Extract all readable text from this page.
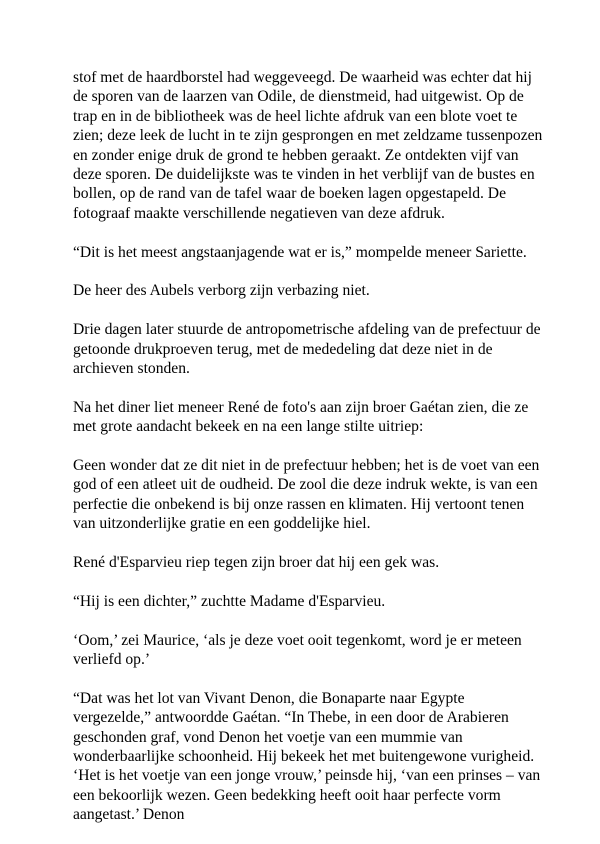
stof met de haardborstel had weggeveegd. De waarheid was echter dat hij de sporen van de laarzen van Odile, de dienstmeid, had uitgewist. Op de trap en in de bibliotheek was de heel lichte afdruk van een blote voet te zien; deze leek de lucht in te zijn gesprongen en met zeldzame tussenpozen en zonder enige druk de grond te hebben geraakt. Ze ontdekten vijf van deze sporen. De duidelijkste was te vinden in het verblijf van de bustes en bollen, op de rand van de tafel waar de boeken lagen opgestapeld. De fotograaf maakte verschillende negatieven van deze afdruk.

“Dit is het meest angstaanjagende wat er is,” mompelde meneer Sariette.

De heer des Aubels verborg zijn verbazing niet.

Drie dagen later stuurde de antropometrische afdeling van de prefectuur de getoonde drukproeven terug, met de mededeling dat deze niet in de archieven stonden.

Na het diner liet meneer René de foto's aan zijn broer Gaétan zien, die ze met grote aandacht bekeek en na een lange stilte uitriep:

Geen wonder dat ze dit niet in de prefectuur hebben; het is de voet van een god of een atleet uit de oudheid. De zool die deze indruk wekte, is van een perfectie die onbekend is bij onze rassen en klimaten. Hij vertoont tenen van uitzonderlijke gratie en een goddelijke hiel.

René d'Esparvieu riep tegen zijn broer dat hij een gek was.

“Hij is een dichter,” zuchtte Madame d'Esparvieu.

‘Oom,’ zei Maurice, ‘als je deze voet ooit tegenkomt, word je er meteen verliefd op.’

“Dat was het lot van Vivant Denon, die Bonaparte naar Egypte vergezelde,” antwoordde Gaétan. “In Thebe, in een door de Arabieren geschonden graf, vond Denon het voetje van een mummie van wonderbaarlijke schoonheid. Hij bekeek het met buitengewone vurigheid. ‘Het is het voetje van een jonge vrouw,’ peinsde hij, ‘van een prinses – van een bekoorlijk wezen. Geen bedekking heeft ooit haar perfecte vorm aangetast.’ Denon
